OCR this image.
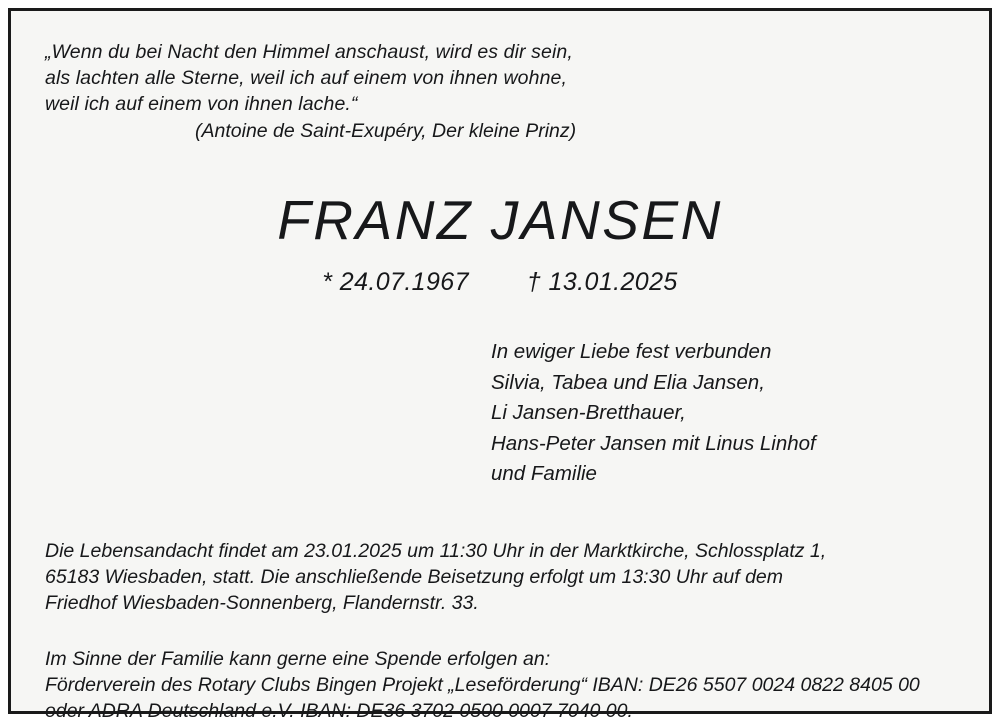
„Wenn du bei Nacht den Himmel anschaust, wird es dir sein,
als lachten alle Sterne, weil ich auf einem von ihnen wohne,
weil ich auf einem von ihnen lache.“
(Antoine de Saint-Exupéry, Der kleine Prinz)
FRANZ JANSEN
* 24.07.1967 † 13.01.2025
In ewiger Liebe fest verbunden
Silvia, Tabea und Elia Jansen,
Li Jansen-Bretthauer,
Hans-Peter Jansen mit Linus Linhof
und Familie
Die Lebensandacht findet am 23.01.2025 um 11:30 Uhr in der Marktkirche, Schlossplatz 1,
65183 Wiesbaden, statt. Die anschließende Beisetzung erfolgt um 13:30 Uhr auf dem
Friedhof Wiesbaden-Sonnenberg, Flandernstr. 33.
Im Sinne der Familie kann gerne eine Spende erfolgen an:
Förderverein des Rotary Clubs Bingen Projekt „Leseförderung“ IBAN: DE26 5507 0024 0822 8405 00
oder ADRA Deutschland e.V. IBAN: DE36 3702 0500 0007 7040 00.
